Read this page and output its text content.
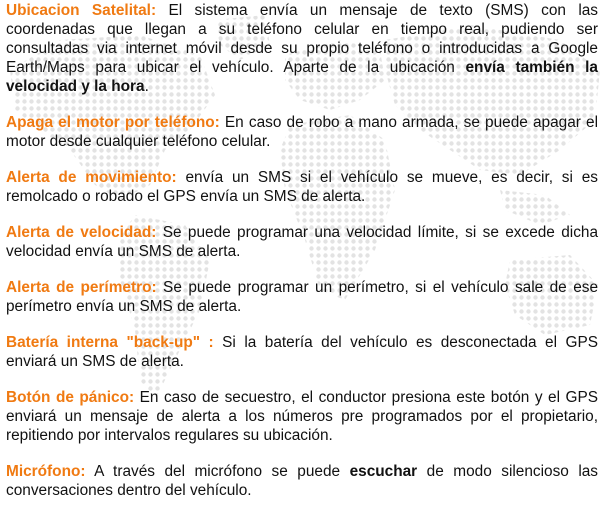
Ubicacion Satelital: El sistema envía un mensaje de texto (SMS) con las coordenadas que llegan a su teléfono celular en tiempo real, pudiendo ser consultadas via internet móvil desde su propio teléfono o introducidas a Google Earth/Maps para ubicar el vehículo. Aparte de la ubicación envía también la velocidad y la hora.

Apaga el motor por teléfono: En caso de robo a mano armada, se puede apagar el motor desde cualquier teléfono celular.

Alerta de movimiento: envía un SMS si el vehículo se mueve, es decir, si es remolcado o robado el GPS envía un SMS de alerta.

Alerta de velocidad: Se puede programar una velocidad límite, si se excede dicha velocidad envía un SMS de alerta.

Alerta de perímetro: Se puede programar un perímetro, si el vehículo sale de ese perímetro envía un SMS de alerta.

Batería interna "back-up" : Si la batería del vehículo es desconectada el GPS enviará un SMS de alerta.

Botón de pánico: En caso de secuestro, el conductor presiona este botón y el GPS enviará un mensaje de alerta a los números pre programados por el propietario, repitiendo por intervalos regulares su ubicación.

Micrófono: A través del micrófono se puede escuchar de modo silencioso las conversaciones dentro del vehículo.
